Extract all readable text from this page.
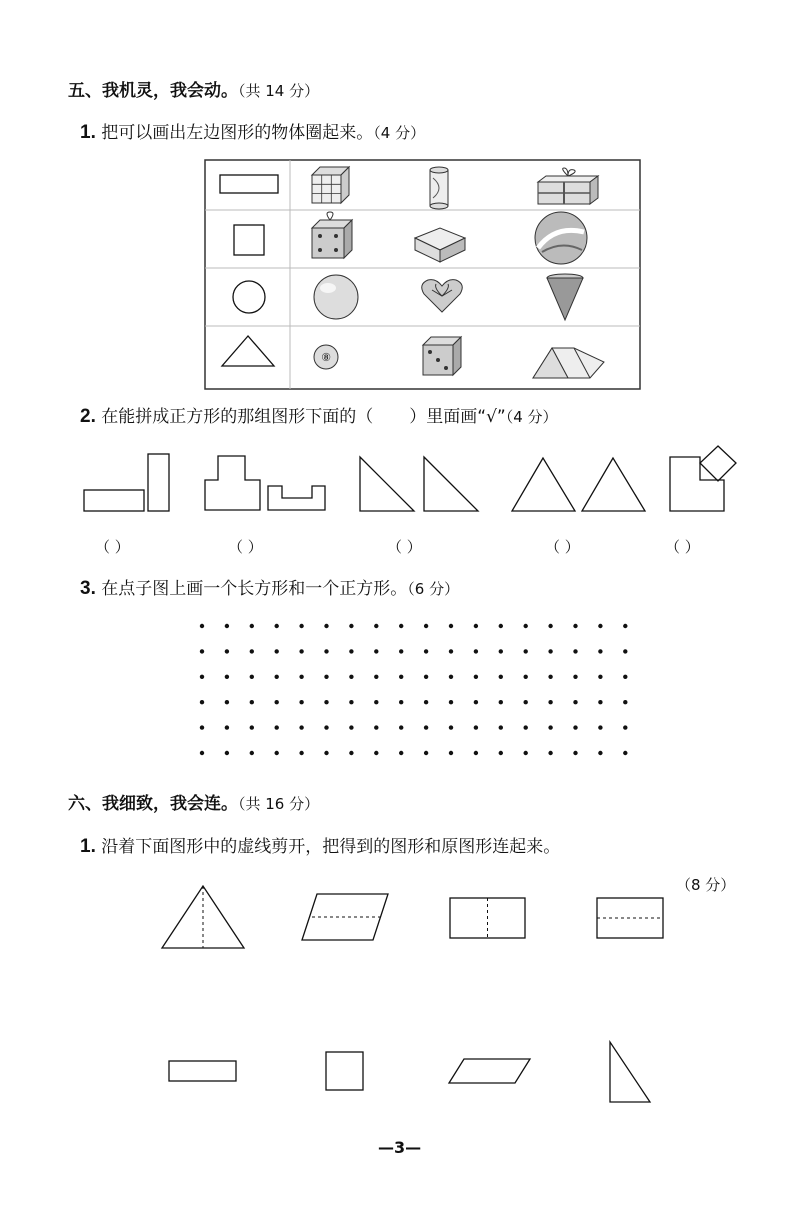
五、我机灵，我会动。（共 14 分）
1. 把可以画出左边图形的物体圈起来。（4 分）
⑧
2. 在能拼成正方形的那组图形下面的（ ）里面画“√”（4 分）
（ ）	（ ）	（ ）	（ ）	（ ）
3. 在点子图上画一个长方形和一个正方形。（6 分）
六、我细致，我会连。（共 16 分）
1. 沿着下面图形中的虚线剪开，把得到的图形和原图形连起来。
（8 分）
—3—
